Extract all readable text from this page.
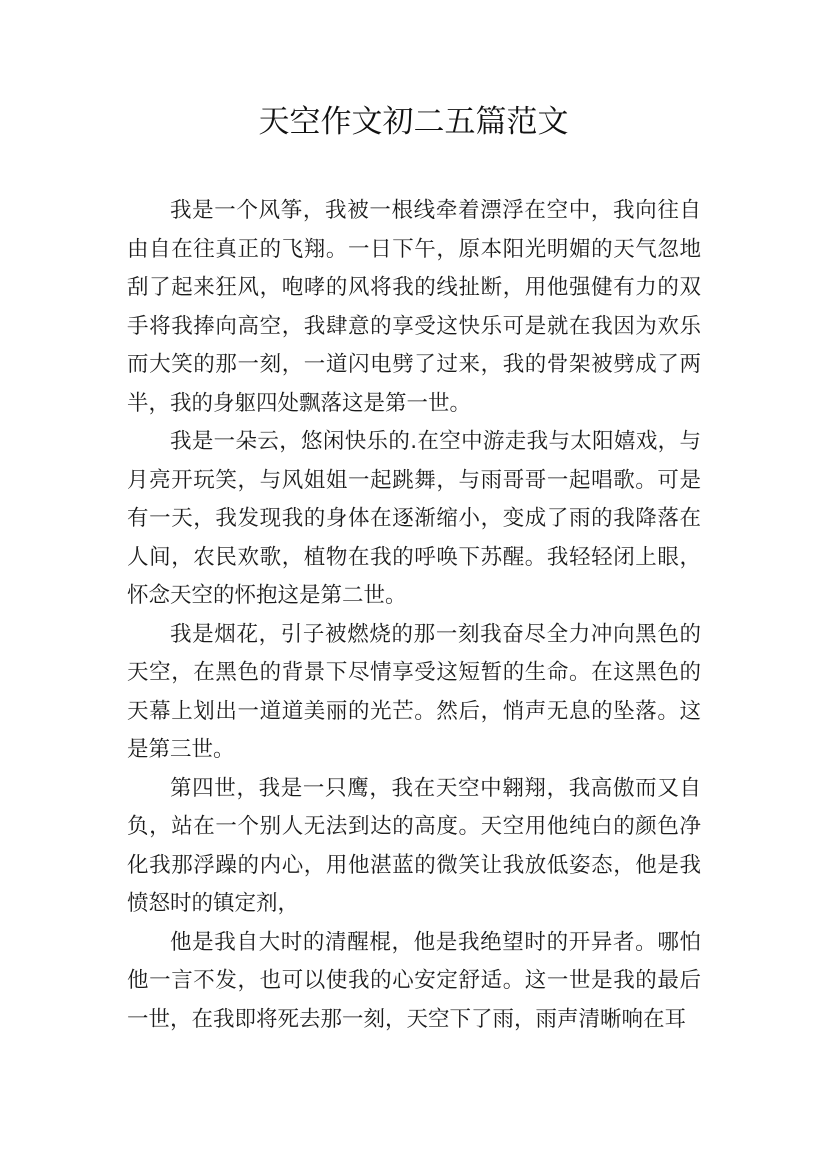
天空作文初二五篇范文

我是一个风筝，我被一根线牵着漂浮在空中，我向往自由自在往真正的飞翔。一日下午，原本阳光明媚的天气忽地刮了起来狂风，咆哮的风将我的线扯断，用他强健有力的双手将我捧向高空，我肆意的享受这快乐可是就在我因为欢乐而大笑的那一刻，一道闪电劈了过来，我的骨架被劈成了两半，我的身躯四处飘落这是第一世。

我是一朵云，悠闲快乐的.在空中游走我与太阳嬉戏，与月亮开玩笑，与风姐姐一起跳舞，与雨哥哥一起唱歌。可是有一天，我发现我的身体在逐渐缩小，变成了雨的我降落在人间，农民欢歌，植物在我的呼唤下苏醒。我轻轻闭上眼，怀念天空的怀抱这是第二世。

我是烟花，引子被燃烧的那一刻我奋尽全力冲向黑色的天空，在黑色的背景下尽情享受这短暂的生命。在这黑色的天幕上划出一道道美丽的光芒。然后，悄声无息的坠落。这是第三世。

第四世，我是一只鹰，我在天空中翱翔，我高傲而又自负，站在一个别人无法到达的高度。天空用他纯白的颜色净化我那浮躁的内心，用他湛蓝的微笑让我放低姿态，他是我愤怒时的镇定剂，

他是我自大时的清醒棍，他是我绝望时的开异者。哪怕他一言不发，也可以使我的心安定舒适。这一世是我的最后一世，在我即将死去那一刻，天空下了雨，雨声清晰响在耳
